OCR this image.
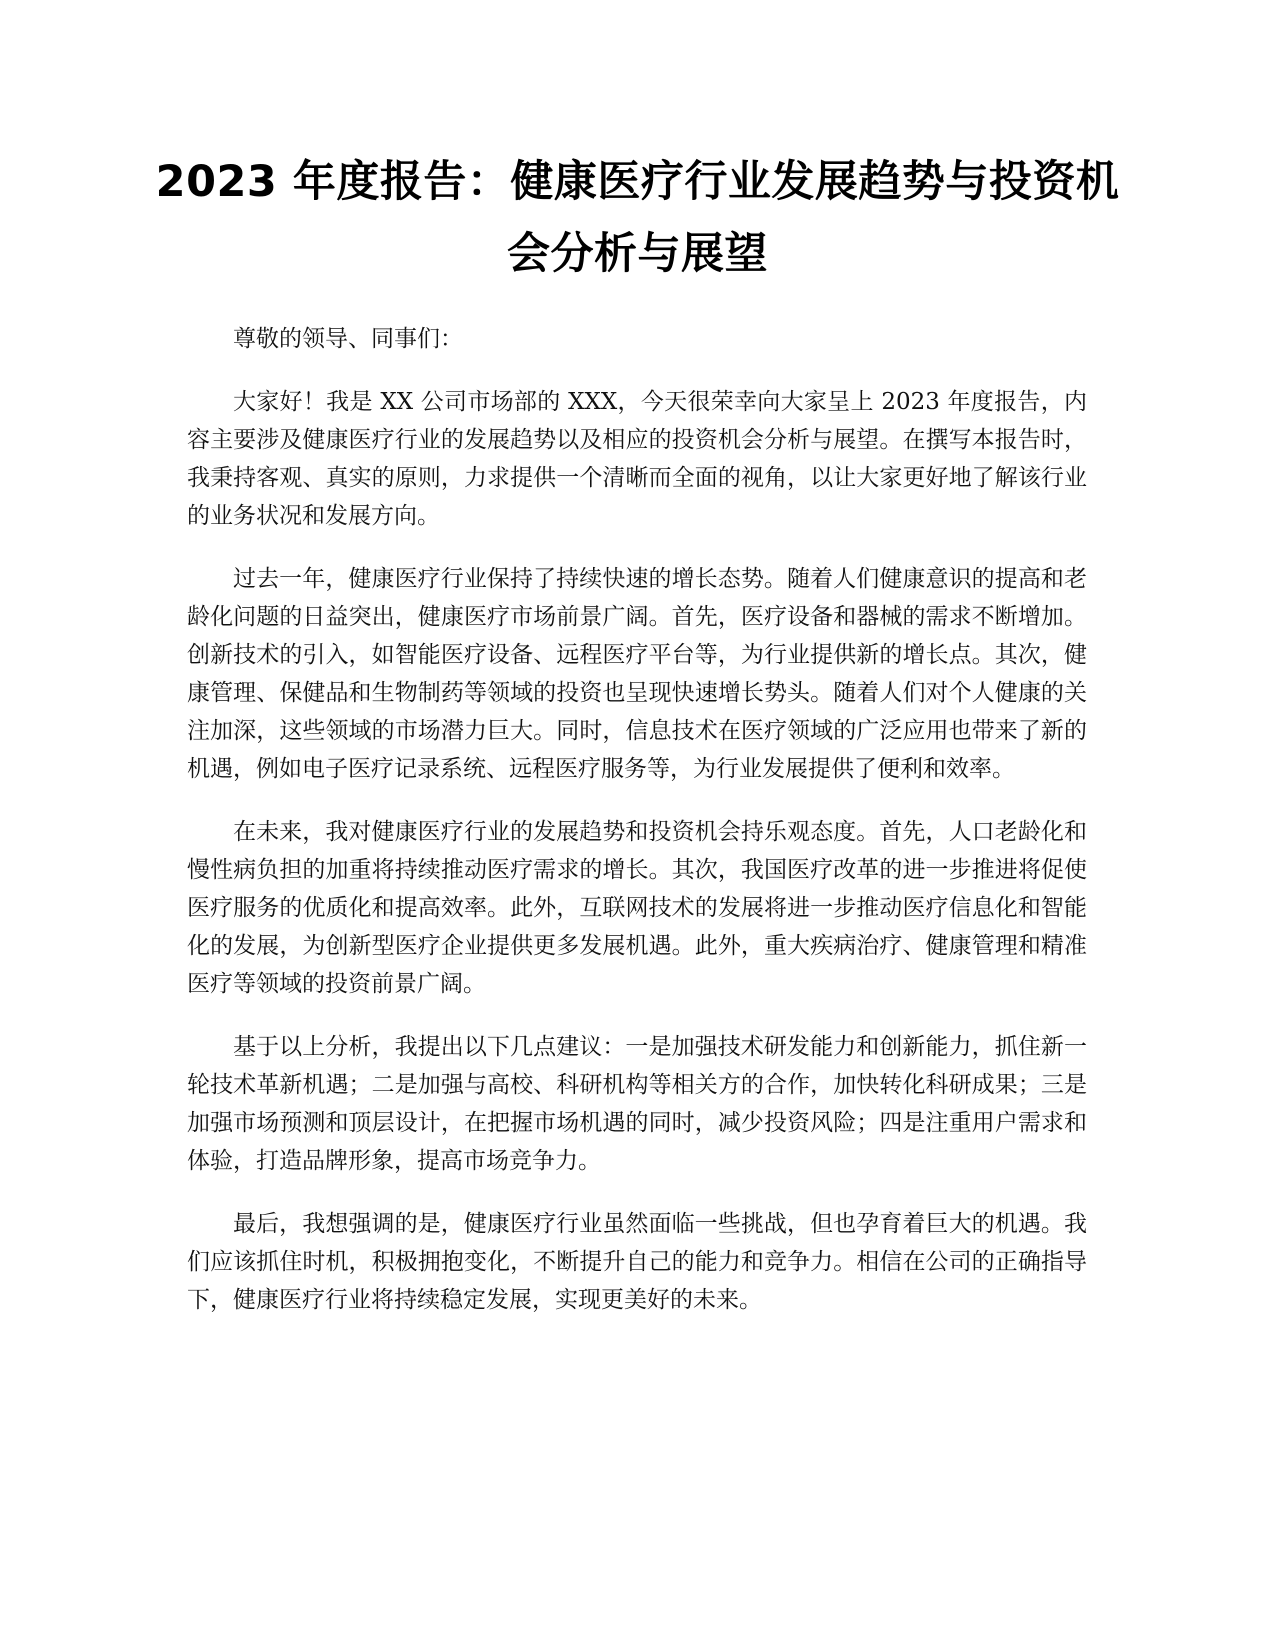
2023 年度报告：健康医疗行业发展趋势与投资机会分析与展望

尊敬的领导、同事们：

大家好！我是 XX 公司市场部的 XXX，今天很荣幸向大家呈上 2023 年度报告，内容主要涉及健康医疗行业的发展趋势以及相应的投资机会分析与展望。在撰写本报告时，我秉持客观、真实的原则，力求提供一个清晰而全面的视角，以让大家更好地了解该行业的业务状况和发展方向。

过去一年，健康医疗行业保持了持续快速的增长态势。随着人们健康意识的提高和老龄化问题的日益突出，健康医疗市场前景广阔。首先，医疗设备和器械的需求不断增加。创新技术的引入，如智能医疗设备、远程医疗平台等，为行业提供新的增长点。其次，健康管理、保健品和生物制药等领域的投资也呈现快速增长势头。随着人们对个人健康的关注加深，这些领域的市场潜力巨大。同时，信息技术在医疗领域的广泛应用也带来了新的机遇，例如电子医疗记录系统、远程医疗服务等，为行业发展提供了便利和效率。

在未来，我对健康医疗行业的发展趋势和投资机会持乐观态度。首先，人口老龄化和慢性病负担的加重将持续推动医疗需求的增长。其次，我国医疗改革的进一步推进将促使医疗服务的优质化和提高效率。此外，互联网技术的发展将进一步推动医疗信息化和智能化的发展，为创新型医疗企业提供更多发展机遇。此外，重大疾病治疗、健康管理和精准医疗等领域的投资前景广阔。

基于以上分析，我提出以下几点建议：一是加强技术研发能力和创新能力，抓住新一轮技术革新机遇；二是加强与高校、科研机构等相关方的合作，加快转化科研成果；三是加强市场预测和顶层设计，在把握市场机遇的同时，减少投资风险；四是注重用户需求和体验，打造品牌形象，提高市场竞争力。

最后，我想强调的是，健康医疗行业虽然面临一些挑战，但也孕育着巨大的机遇。我们应该抓住时机，积极拥抱变化，不断提升自己的能力和竞争力。相信在公司的正确指导下，健康医疗行业将持续稳定发展，实现更美好的未来。
